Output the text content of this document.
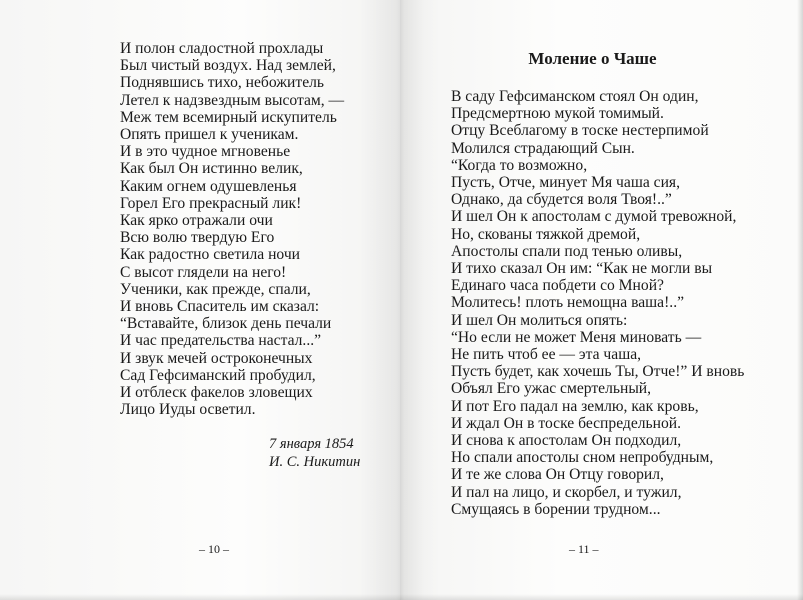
И полон сладостной прохлады
Был чистый воздух. Над землей,
Поднявшись тихо, небожитель
Летел к надзвездным высотам, —
Меж тем всемирный искупитель
Опять пришел к ученикам.
И в это чудное мгновенье
Как был Он истинно велик,
Каким огнем одушевленья
Горел Его прекрасный лик!
Как ярко отражали очи
Всю волю твердую Его
Как радостно светила ночи
С высот глядели на него!
Ученики, как прежде, спали,
И вновь Спаситель им сказал:
“Вставайте, близок день печали
И час предательства настал...”
И звук мечей остроконечных
Сад Гефсиманский пробудил,
И отблеск факелов зловещих
Лицо Иуды осветил.
7 января 1854
И. С. Никитин
– 10 –
Моление о Чаше
В саду Гефсиманском стоял Он один,
Предсмертною мукой томимый.
Отцу Всеблагому в тоске нестерпимой
Молился страдающий Сын.
“Когда то возможно,
Пусть, Отче, минует Мя чаша сия,
Однако, да сбудется воля Твоя!..”
И шел Он к апостолам с думой тревожной,
Но, скованы тяжкой дремой,
Апостолы спали под тенью оливы,
И тихо сказал Он им: “Как не могли вы
Единаго часа побдети со Мной?
Молитесь! плоть немощна ваша!..”
И шел Он молиться опять:
“Но если не может Меня миновать —
Не пить чтоб ее — эта чаша,
Пусть будет, как хочешь Ты, Отче!” И вновь
Объял Его ужас смертельный,
И пот Его падал на землю, как кровь,
И ждал Он в тоске беспредельной.
И снова к апостолам Он подходил,
Но спали апостолы сном непробудным,
И те же слова Он Отцу говорил,
И пал на лицо, и скорбел, и тужил,
Смущаясь в борении трудном...
– 11 –
